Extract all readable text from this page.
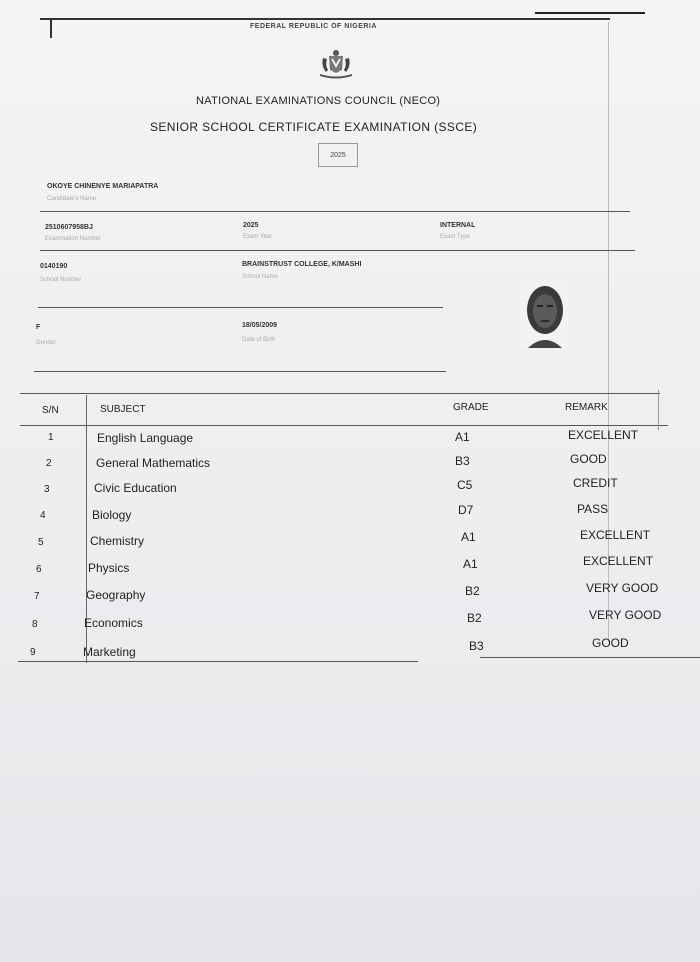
FEDERAL REPUBLIC OF NIGERIA
NATIONAL EXAMINATIONS COUNCIL (NECO)
SENIOR SCHOOL CERTIFICATE EXAMINATION (SSCE)
2025
OKOYE CHINENYE MARIAPATRA
Candidate's Name
2510607958BJ
Examination Number
2025
Exam Year
INTERNAL
Exam Type
0140190
School Number
BRAINSTRUST COLLEGE, K/MASHI
School Name
F
Gender
18/05/2009
Date of Birth
S/N	SUBJECT	GRADE	REMARK
1	English Language	A1	EXCELLENT
2	General Mathematics	B3	GOOD
3	Civic Education	C5	CREDIT
4	Biology	D7	PASS
5	Chemistry	A1	EXCELLENT
6	Physics	A1	EXCELLENT
7	Geography	B2	VERY GOOD
8	Economics	B2	VERY GOOD
9	Marketing	B3	GOOD
